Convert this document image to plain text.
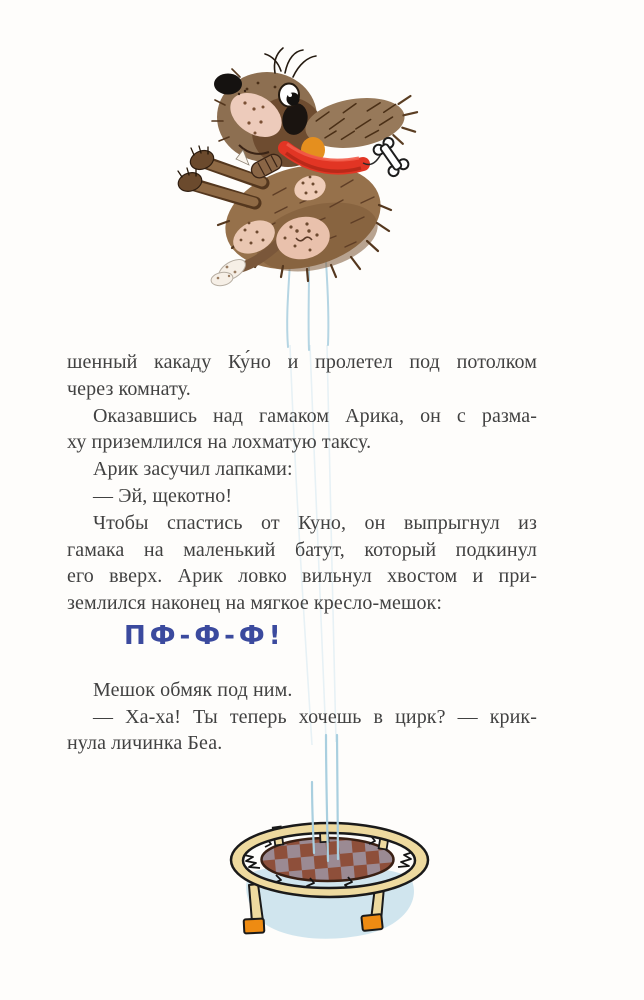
шенный какаду Ку́но и пролетел под потолком
через комнату.
Оказавшись над гамаком Арика, он с разма-
ху приземлился на лохматую таксу.
Арик засучил лапками:
— Эй, щекотно!
Чтобы спастись от Куно, он выпрыгнул из
гамака на маленький батут, который подкинул
его вверх. Арик ловко вильнул хвостом и при-
землился наконец на мягкое кресло-мешок:
ПФ-Ф-Ф!
Мешок обмяк под ним.
— Ха-ха! Ты теперь хочешь в цирк? — крик-
нула личинка Беа.
